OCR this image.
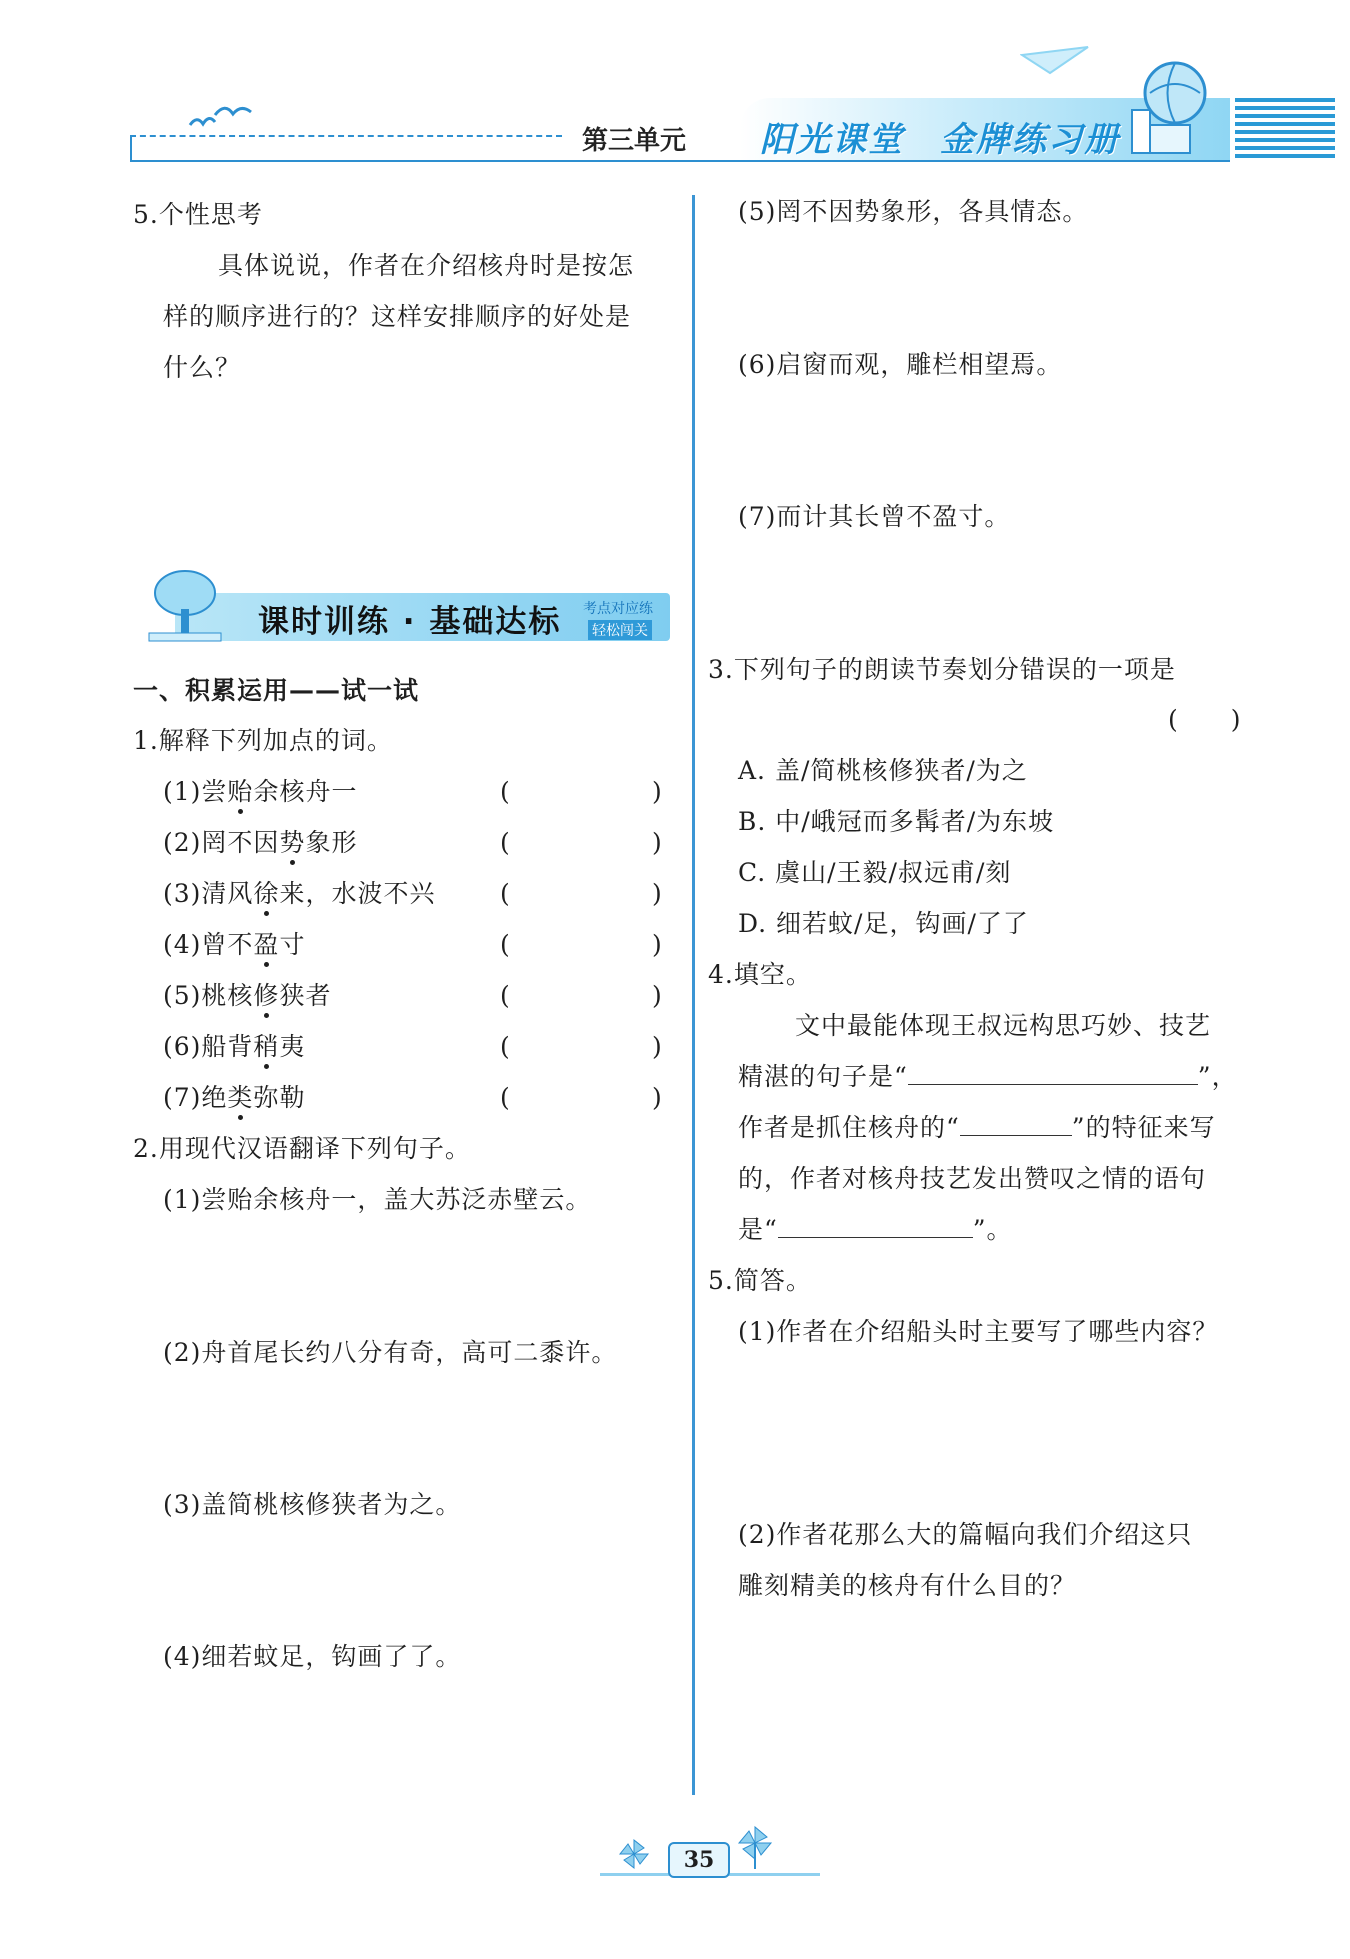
第三单元 阳光课堂　金牌练习册
5.个性思考
具体说说，作者在介绍核舟时是按怎
样的顺序进行的？这样安排顺序的好处是
什么？
课时训练 · 基础达标 考点对应练
轻松闯关
一、积累运用——试一试
1.解释下列加点的词。
(1)尝贻余核舟一	(	)
(2)罔不因势象形	(	)
(3)清风徐来，水波不兴	(	)
(4)曾不盈寸	(	)
(5)桃核修狭者	(	)
(6)船背稍夷	(	)
(7)绝类弥勒	(	)
2.用现代汉语翻译下列句子。
(1)尝贻余核舟一，盖大苏泛赤壁云。
(2)舟首尾长约八分有奇，高可二黍许。
(3)盖简桃核修狭者为之。
(4)细若蚊足，钩画了了。
(5)罔不因势象形，各具情态。
(6)启窗而观，雕栏相望焉。
(7)而计其长曾不盈寸。
3.下列句子的朗读节奏划分错误的一项是
(　　)
A. 盖/简桃核修狭者/为之
B. 中/峨冠而多髯者/为东坡
C. 虞山/王毅/叔远甫/刻
D. 细若蚊/足，钩画/了了
4.填空。
文中最能体现王叔远构思巧妙、技艺
精湛的句子是“	”，
作者是抓住核舟的“	”的特征来写
的，作者对核舟技艺发出赞叹之情的语句
是“	”。
5.简答。
(1)作者在介绍船头时主要写了哪些内容？
(2)作者花那么大的篇幅向我们介绍这只
雕刻精美的核舟有什么目的？
35
